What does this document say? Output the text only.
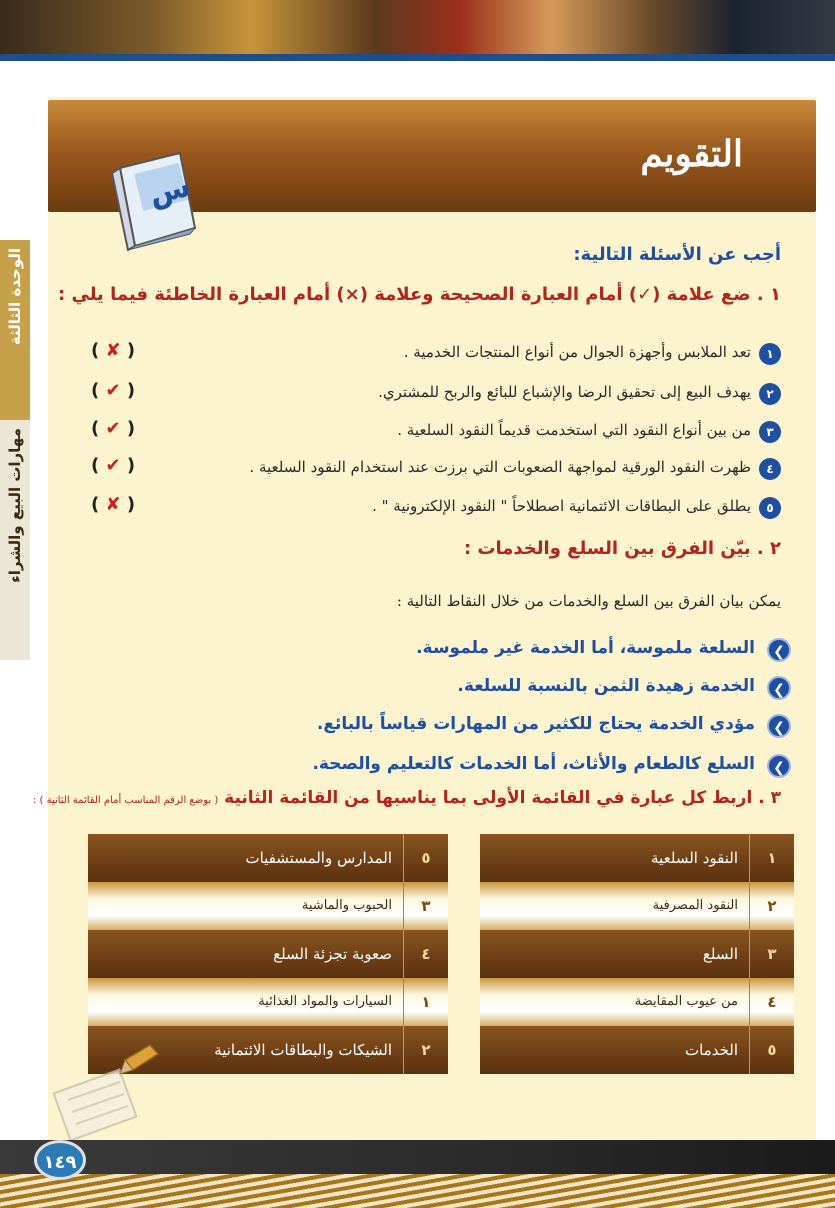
الوحدة الثالثة
مهارات البيع والشراء
التقويم
س
أجب عن الأسئلة التالية:
١ . ضع علامة (✓) أمام العبارة الصحيحة وعلامة (×) أمام العبارة الخاطئة فيما يلي :
١
تعد الملابس وأجهزة الجوال من أنواع المنتجات الخدمية .
( ✘ )
٢
يهدف البيع إلى تحقيق الرضا والإشباع للبائع والربح للمشتري.
( ✔ )
٣
من بين أنواع النقود التي استخدمت قديماً النقود السلعية .
( ✔ )
٤
ظهرت النقود الورقية لمواجهة الصعوبات التي برزت عند استخدام النقود السلعية .
( ✔ )
٥
يطلق على البطاقات الائتمانية اصطلاحاً " النقود الإلكترونية " .
( ✘ )
٢ . بيّن الفرق بين السلع والخدمات :
يمكن بيان الفرق بين السلع والخدمات من خلال النقاط التالية :
❮
السلعة ملموسة، أما الخدمة غير ملموسة.
❮
الخدمة زهيدة الثمن بالنسبة للسلعة.
❮
مؤدي الخدمة يحتاج للكثير من المهارات قياساً بالبائع.
❮
السلع كالطعام والأثاث، أما الخدمات كالتعليم والصحة.
٣ . اربط كل عبارة في القائمة الأولى بما يناسبها من القائمة الثانية ( بوضع الرقم المناسب أمام القائمة الثانية ) :
١
النقود السلعية
٢
النقود المصرفية
٣
السلع
٤
من عيوب المقايضة
٥
الخدمات
٥
المدارس والمستشفيات
٣
الحبوب والماشية
٤
صعوبة تجزئة السلع
١
السيارات والمواد الغذائية
٢
الشيكات والبطاقات الائتمانية
١٤٩
